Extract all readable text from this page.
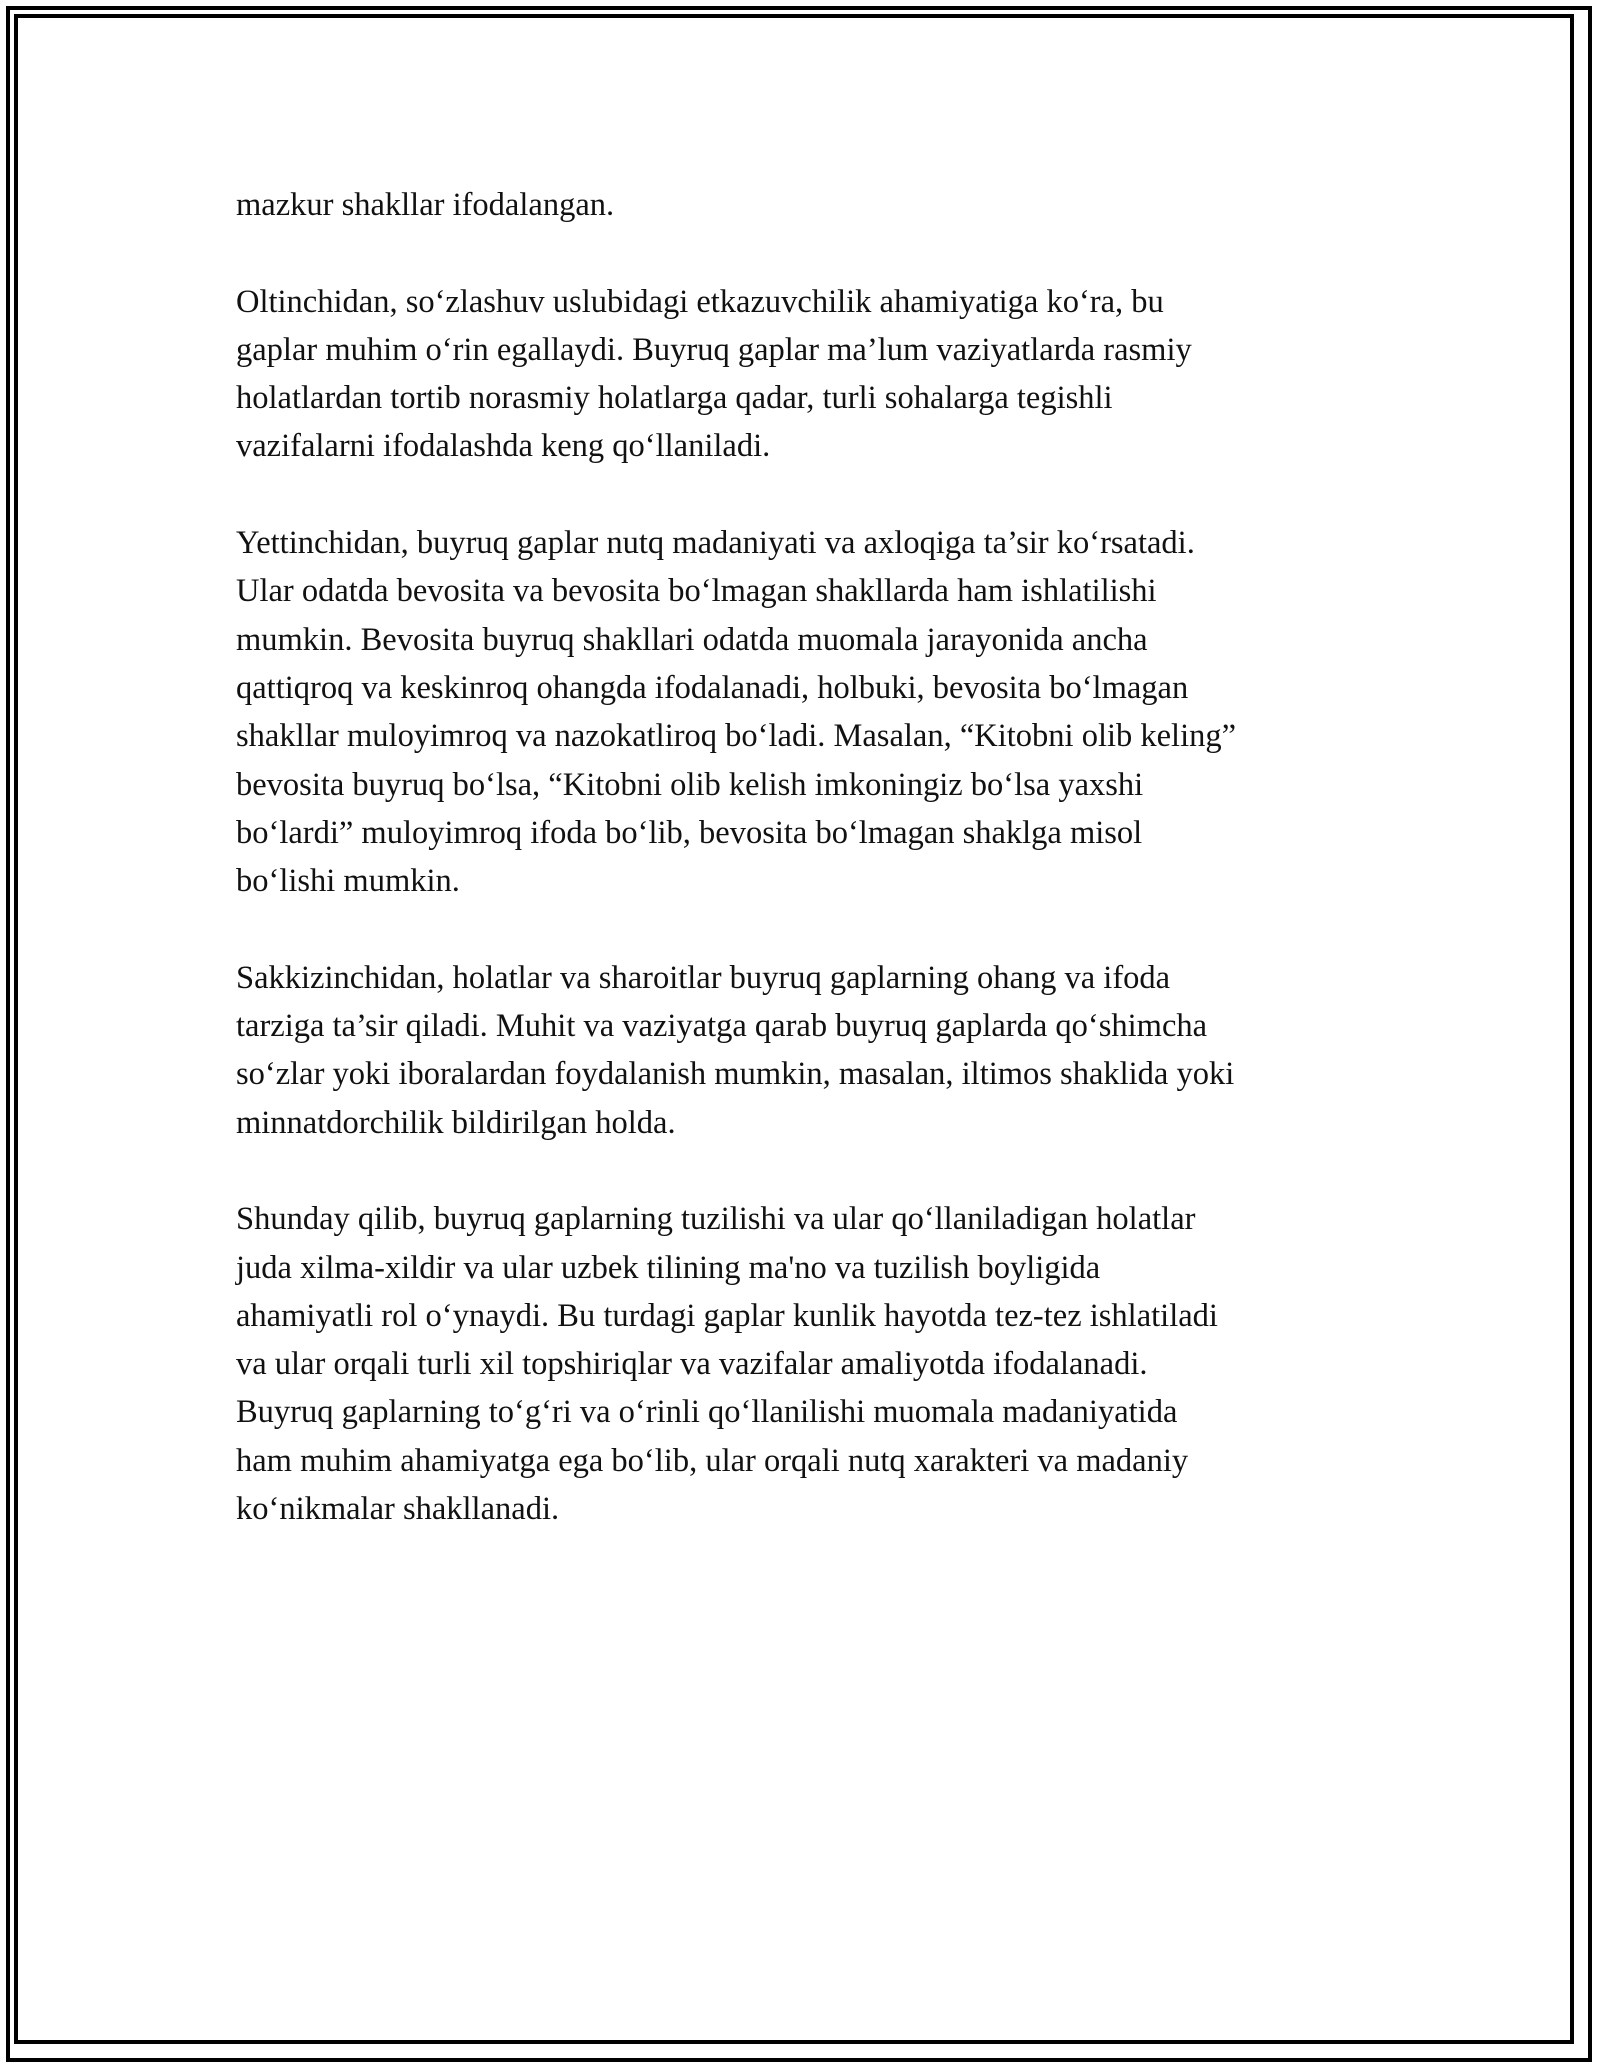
mazkur shakllar ifodalangan.

Oltinchidan, so‘zlashuv uslubidagi etkazuvchilik ahamiyatiga ko‘ra, bu
gaplar muhim o‘rin egallaydi. Buyruq gaplar ma’lum vaziyatlarda rasmiy
holatlardan tortib norasmiy holatlarga qadar, turli sohalarga tegishli
vazifalarni ifodalashda keng qo‘llaniladi.

Yettinchidan, buyruq gaplar nutq madaniyati va axloqiga ta’sir ko‘rsatadi.
Ular odatda bevosita va bevosita bo‘lmagan shakllarda ham ishlatilishi
mumkin. Bevosita buyruq shakllari odatda muomala jarayonida ancha
qattiqroq va keskinroq ohangda ifodalanadi, holbuki, bevosita bo‘lmagan
shakllar muloyimroq va nazokatliroq bo‘ladi. Masalan, “Kitobni olib keling”
bevosita buyruq bo‘lsa, “Kitobni olib kelish imkoningiz bo‘lsa yaxshi
bo‘lardi” muloyimroq ifoda bo‘lib, bevosita bo‘lmagan shaklga misol
bo‘lishi mumkin.

Sakkizinchidan, holatlar va sharoitlar buyruq gaplarning ohang va ifoda
tarziga ta’sir qiladi. Muhit va vaziyatga qarab buyruq gaplarda qo‘shimcha
so‘zlar yoki iboralardan foydalanish mumkin, masalan, iltimos shaklida yoki
minnatdorchilik bildirilgan holda.

Shunday qilib, buyruq gaplarning tuzilishi va ular qo‘llaniladigan holatlar
juda xilma-xildir va ular uzbek tilining ma'no va tuzilish boyligida
ahamiyatli rol o‘ynaydi. Bu turdagi gaplar kunlik hayotda tez-tez ishlatiladi
va ular orqali turli xil topshiriqlar va vazifalar amaliyotda ifodalanadi.
Buyruq gaplarning to‘g‘ri va o‘rinli qo‘llanilishi muomala madaniyatida
ham muhim ahamiyatga ega bo‘lib, ular orqali nutq xarakteri va madaniy
ko‘nikmalar shakllanadi.
